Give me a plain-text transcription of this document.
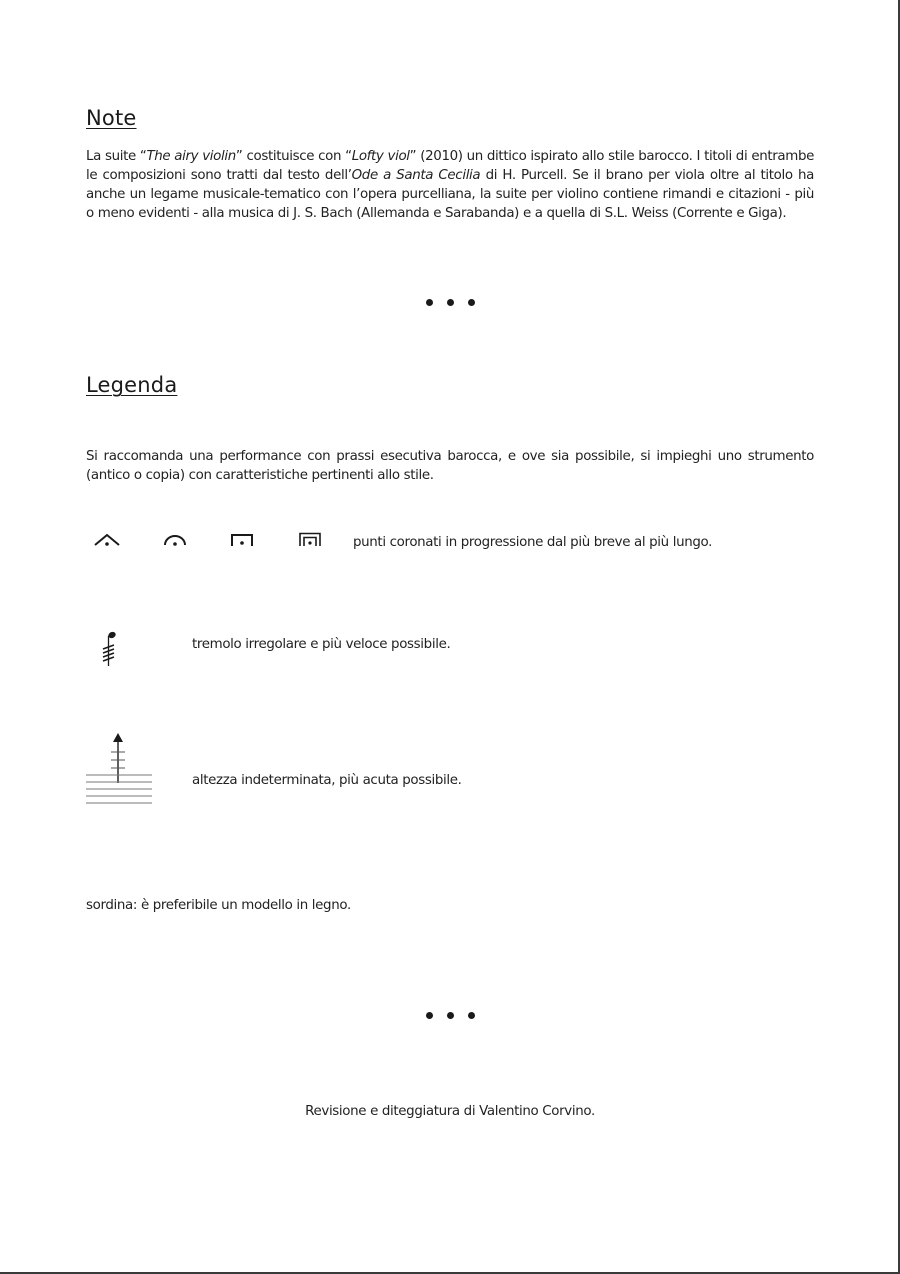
Note
La suite “The airy violin” costituisce con “Lofty viol” (2010) un dittico ispirato allo stile barocco. I titoli di entrambe le composizioni sono tratti dal testo dell’Ode a Santa Cecilia di H. Purcell. Se il brano per viola oltre al titolo ha anche un legame musicale-tematico con l’opera purcelliana, la suite per violino contiene rimandi e citazioni - più o meno evidenti - alla musica di J. S. Bach (Allemanda e Sarabanda) e a quella di S.L. Weiss (Corrente e Giga).
Legenda
Si raccomanda una performance con prassi esecutiva barocca, e ove sia possibile, si impieghi uno strumento (antico o copia) con caratteristiche pertinenti allo stile.
punti coronati in progressione dal più breve al più lungo.
tremolo irregolare e più veloce possibile.
altezza indeterminata, più acuta possibile.
sordina: è preferibile un modello in legno.
Revisione e diteggiatura di Valentino Corvino.
